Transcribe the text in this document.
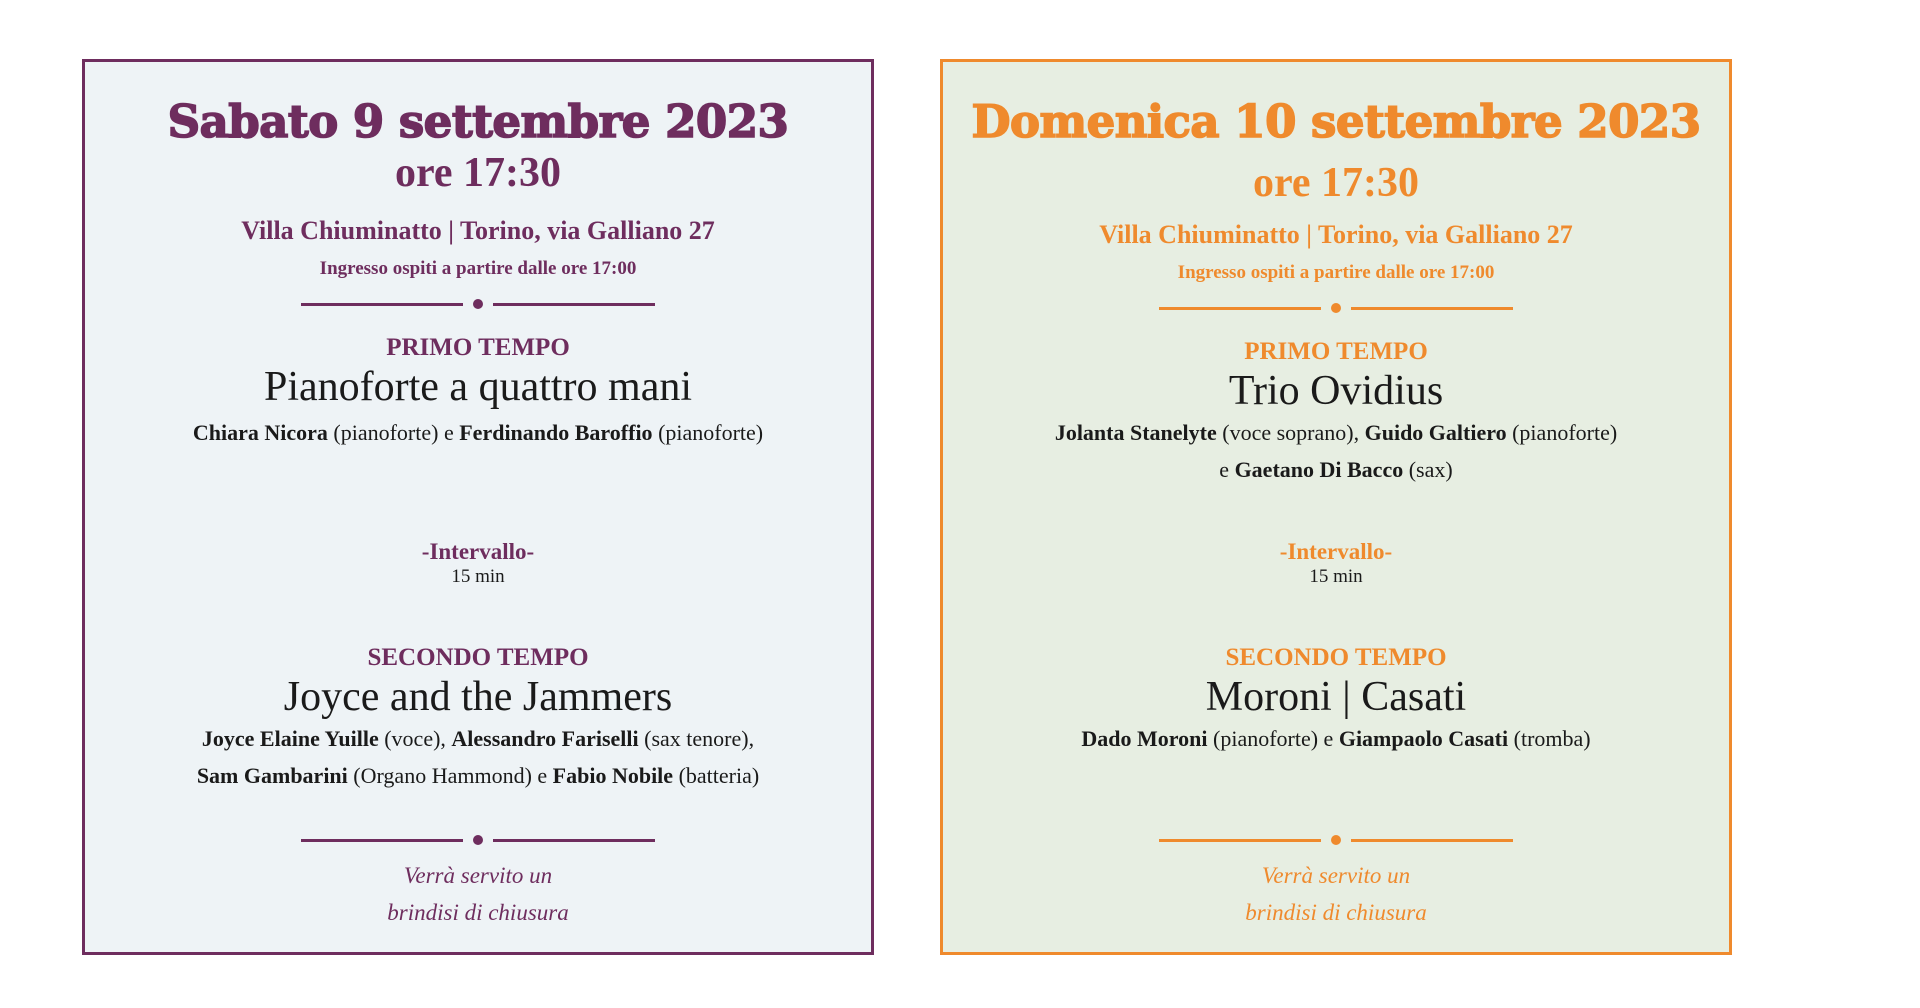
Sabato 9 settembre 2023
ore 17:30
Villa Chiuminatto | Torino, via Galliano 27
Ingresso ospiti a partire dalle ore 17:00
PRIMO TEMPO
Pianoforte a quattro mani
Chiara Nicora (pianoforte) e Ferdinando Baroffio (pianoforte)
-Intervallo-
15 min
SECONDO TEMPO
Joyce and the Jammers
Joyce Elaine Yuille (voce), Alessandro Fariselli (sax tenore),
Sam Gambarini (Organo Hammond) e Fabio Nobile (batteria)
Verrà servito un
brindisi di chiusura
Domenica 10 settembre 2023
ore 17:30
Villa Chiuminatto | Torino, via Galliano 27
Ingresso ospiti a partire dalle ore 17:00
PRIMO TEMPO
Trio Ovidius
Jolanta Stanelyte (voce soprano), Guido Galtiero (pianoforte)
e Gaetano Di Bacco (sax)
-Intervallo-
15 min
SECONDO TEMPO
Moroni | Casati
Dado Moroni (pianoforte) e Giampaolo Casati (tromba)
Verrà servito un
brindisi di chiusura
